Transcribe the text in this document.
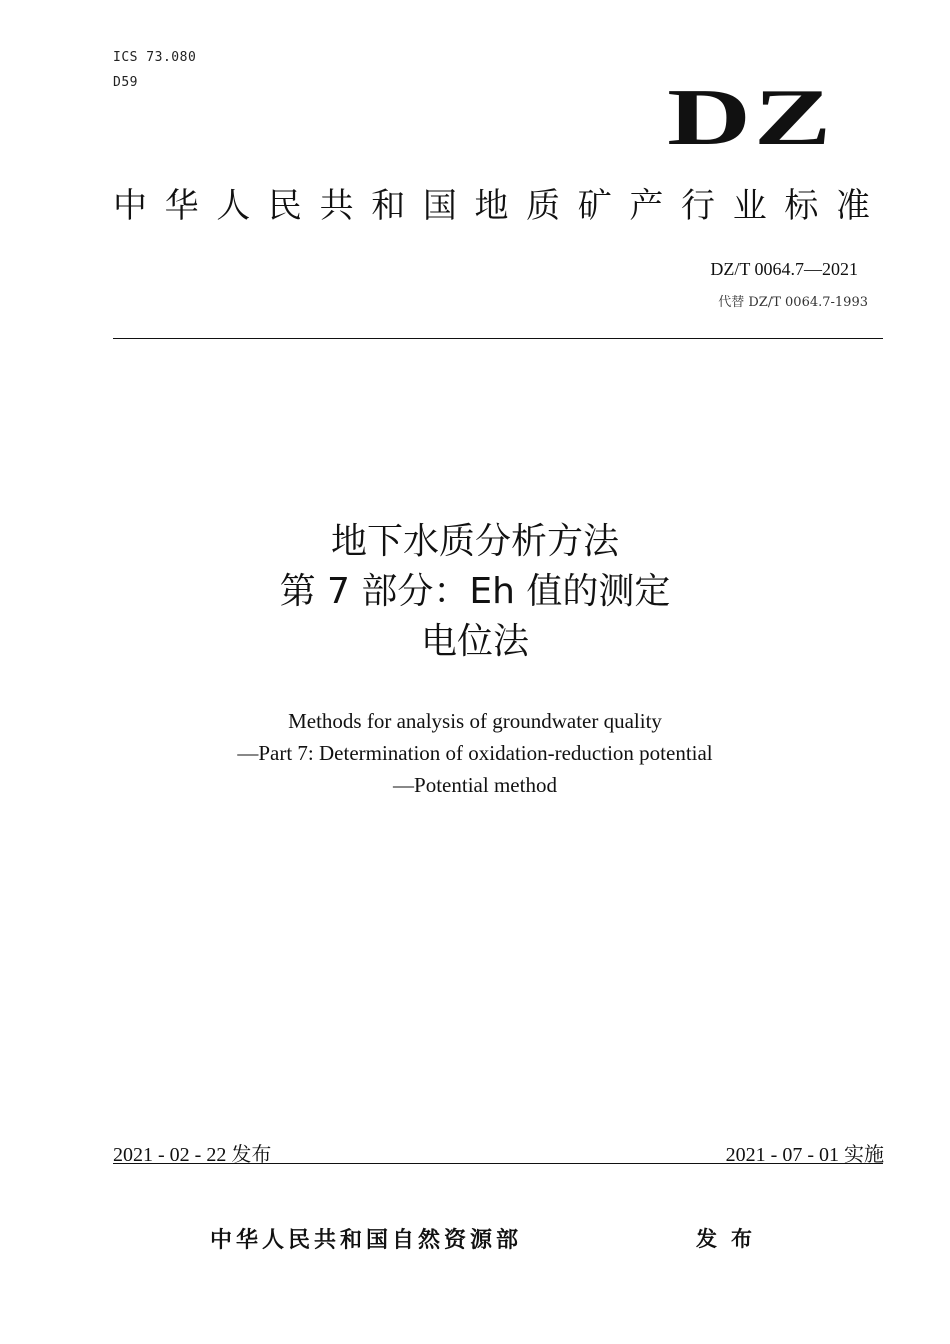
ICS 73.080
D59	DZ
中 华 人 民 共 和 国 地 质 矿 产 行 业 标 准
DZ/T 0064.7—2021
代替 DZ/T 0064.7-1993
地下水质分析方法
第 7 部分：Eh 值的测定
电位法
Methods for analysis of groundwater quality
—Part 7: Determination of oxidation-reduction potential
—Potential method
2021 - 02 - 22 发布	2021 - 07 - 01 实施
中华人民共和国自然资源部	发布
